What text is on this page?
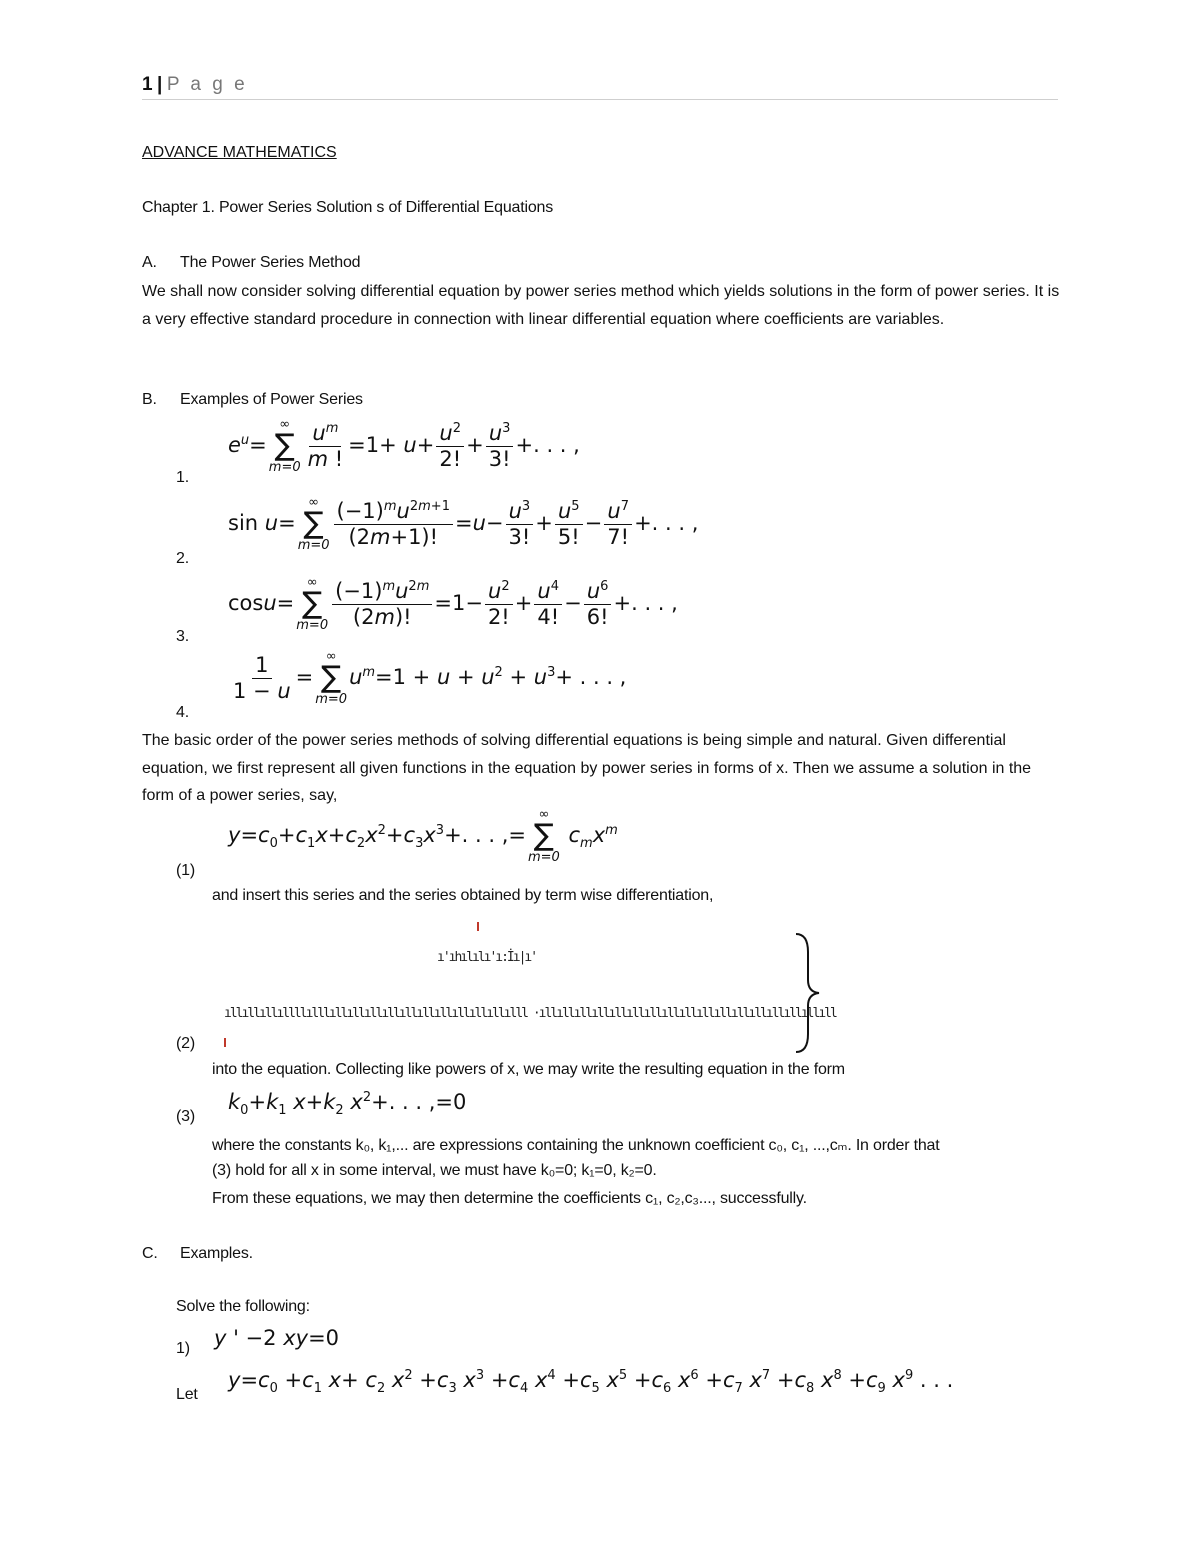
1 | P a g e
ADVANCE MATHEMATICS
Chapter 1. Power Series Solution s of Differential Equations
A. The Power Series Method
We shall now consider solving differential equation by power series method which yields solutions in the form of power series. It is a very effective standard procedure in connection with linear differential equation where coefficients are variables.
B. Examples of Power Series
1.
$e^u=$
∞
∑
$m=0 \frac{u^m}{m !} =1+ u+ \frac{u^2}{2!} + \frac{u^3}{3!}$ +. . . ,
2.
sin u=
∞
∑
$m=0 \frac{(-1)^mu^{2m+1}}{(2m+1)!} =u- \frac{u^3}{3!} + \frac{u^5}{5!} - \frac{u^7}{7!}$ +. . . ,
3.
cosu=
∞
∑
$m=0 \frac{(-1)^mu^{2m}}{(2m)!} =1- \frac{u^2}{2!} + \frac{u^4}{4!} - \frac{u^6}{6!}$ +. . . ,
4.
$\frac{1}{1 - u}$ =
∞
∑
m=0
$u^m=1 + u + u^2 + u^3+$ . . . ,
The basic order of the power series methods of solving differential equations is being simple and natural. Given differential equation, we first represent all given functions in the equation by power series in forms of x. Then we assume a solution in the form of a power series, say,
(1)
$y=c_0+c_1x+c_2x^2+c_3x^3+$. . . ,=
∞
∑
m=0
$c_mx^m$
and insert this series and the series obtained by term wise differentiation,
ı'ıhılılı'ı:İı|ı'
ıllıllıllıllllılllıllıllıllıllıllıllıllıllıllıllılll ·ıllıllıllıllıllıllıllıllıllıllıllıllıllıllıllıllıll
(2)
into the equation. Collecting like powers of x, we may write the resulting equation in the form
(3)
$k_0+k_1$ $x+k_2$ $x^2+$. . . ,=0
where the constants k₀, k₁,... are expressions containing the unknown coefficient c₀, c₁, ...,cₘ. In order that
(3) hold for all x in some interval, we must have k₀=0; k₁=0, k₂=0.
From these equations, we may then determine the coefficients c₁, c₂,c₃..., successfully.
C. Examples.
Solve the following:
1) y ' −2 xy=0
Let
$y=c_0 +c_1$ $x+ c_2$ $x^2 +c_3$ $x^3 +c_4$ $x^4 +c_5$ $x^5 +c_6$ $x^6 +c_7$ $x^7 +c_8$ $x^8 +c_9$ $x^9$ . . .
